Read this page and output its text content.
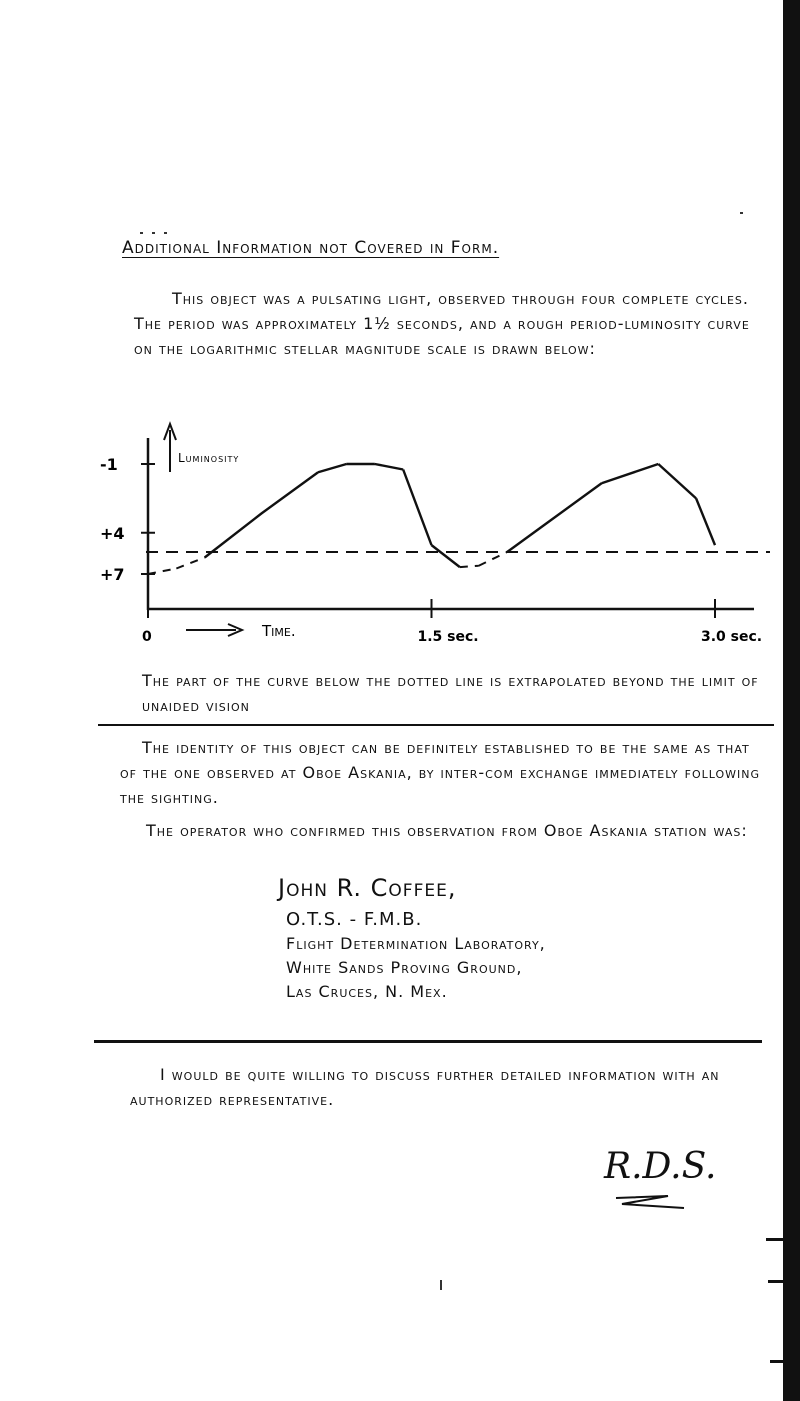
Additional Information not Covered in Form.
This object was a pulsating light, observed through four complete cycles. The period was approximately 1½ seconds, and a rough period-luminosity curve on the logarithmic stellar magnitude scale is drawn below:
Luminosity
-1
+4
+7
0	1.5 sec.	3.0 sec.
Time.
The part of the curve below the dotted line is extrapolated beyond the limit of unaided vision
The identity of this object can be definitely established to be the same as that of the one observed at Oboe Askania, by inter-com exchange immediately following the sighting.
The operator who confirmed this observation from Oboe Askania station was:
John R. Coffee,
O.T.S. - F.M.B.
Flight Determination Laboratory,
White Sands Proving Ground,
Las Cruces, N. Mex.
I would be quite willing to discuss further detailed information with an authorized representative.
R.D.S.
